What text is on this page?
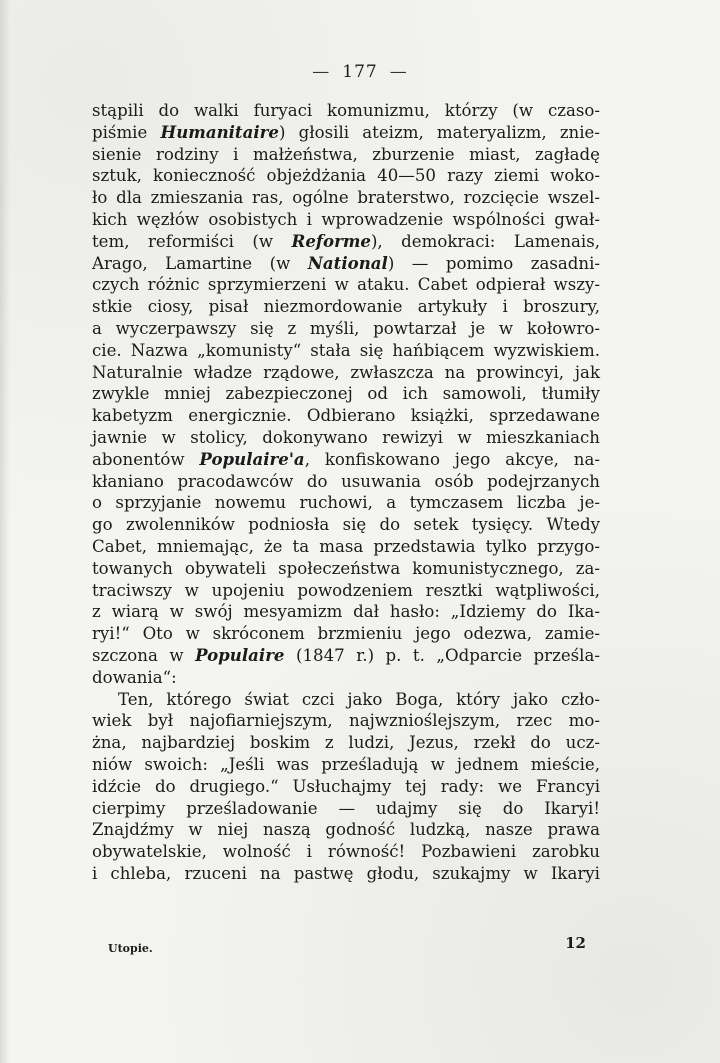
— 177 —
stąpili do walki furyaci komunizmu, którzy (w czaso-
piśmie Humanitaire) głosili ateizm, materyalizm, znie-
sienie rodziny i małżeństwa, zburzenie miast, zagładę
sztuk, konieczność objeżdżania 40—50 razy ziemi woko-
ło dla zmieszania ras, ogólne braterstwo, rozcięcie wszel-
kich węzłów osobistych i wprowadzenie wspólności gwał-
tem, reformiści (w Reforme), demokraci: Lamenais,
Arago, Lamartine (w National) — pomimo zasadni-
czych różnic sprzymierzeni w ataku. Cabet odpierał wszy-
stkie ciosy, pisał niezmordowanie artykuły i broszury,
a wyczerpawszy się z myśli, powtarzał je w kołowro-
cie. Nazwa „komunisty“ stała się hańbiącem wyzwiskiem.
Naturalnie władze rządowe, zwłaszcza na prowincyi, jak
zwykle mniej zabezpieczonej od ich samowoli, tłumiły
kabetyzm energicznie. Odbierano książki, sprzedawane
jawnie w stolicy, dokonywano rewizyi w mieszkaniach
abonentów Populaire'a, konfiskowano jego akcye, na-
kłaniano pracodawców do usuwania osób podejrzanych
o sprzyjanie nowemu ruchowi, a tymczasem liczba je-
go zwolenników podniosła się do setek tysięcy. Wtedy
Cabet, mniemając, że ta masa przedstawia tylko przygo-
towanych obywateli społeczeństwa komunistycznego, za-
traciwszy w upojeniu powodzeniem resztki wątpliwości,
z wiarą w swój mesyamizm dał hasło: „Idziemy do Ika-
ryi!“ Oto w skróconem brzmieniu jego odezwa, zamie-
szczona w Populaire (1847 r.) p. t. „Odparcie prześla-
dowania“:
Ten, którego świat czci jako Boga, który jako czło-
wiek był najofiarniejszym, najwznioślejszym, rzec mo-
żna, najbardziej boskim z ludzi, Jezus, rzekł do ucz-
niów swoich: „Jeśli was prześladują w jednem mieście,
idźcie do drugiego.“ Usłuchajmy tej rady: we Francyi
cierpimy prześladowanie — udajmy się do Ikaryi!
Znajdźmy w niej naszą godność ludzką, nasze prawa
obywatelskie, wolność i równość! Pozbawieni zarobku
i chleba, rzuceni na pastwę głodu, szukajmy w Ikaryi
Utopie.	12
